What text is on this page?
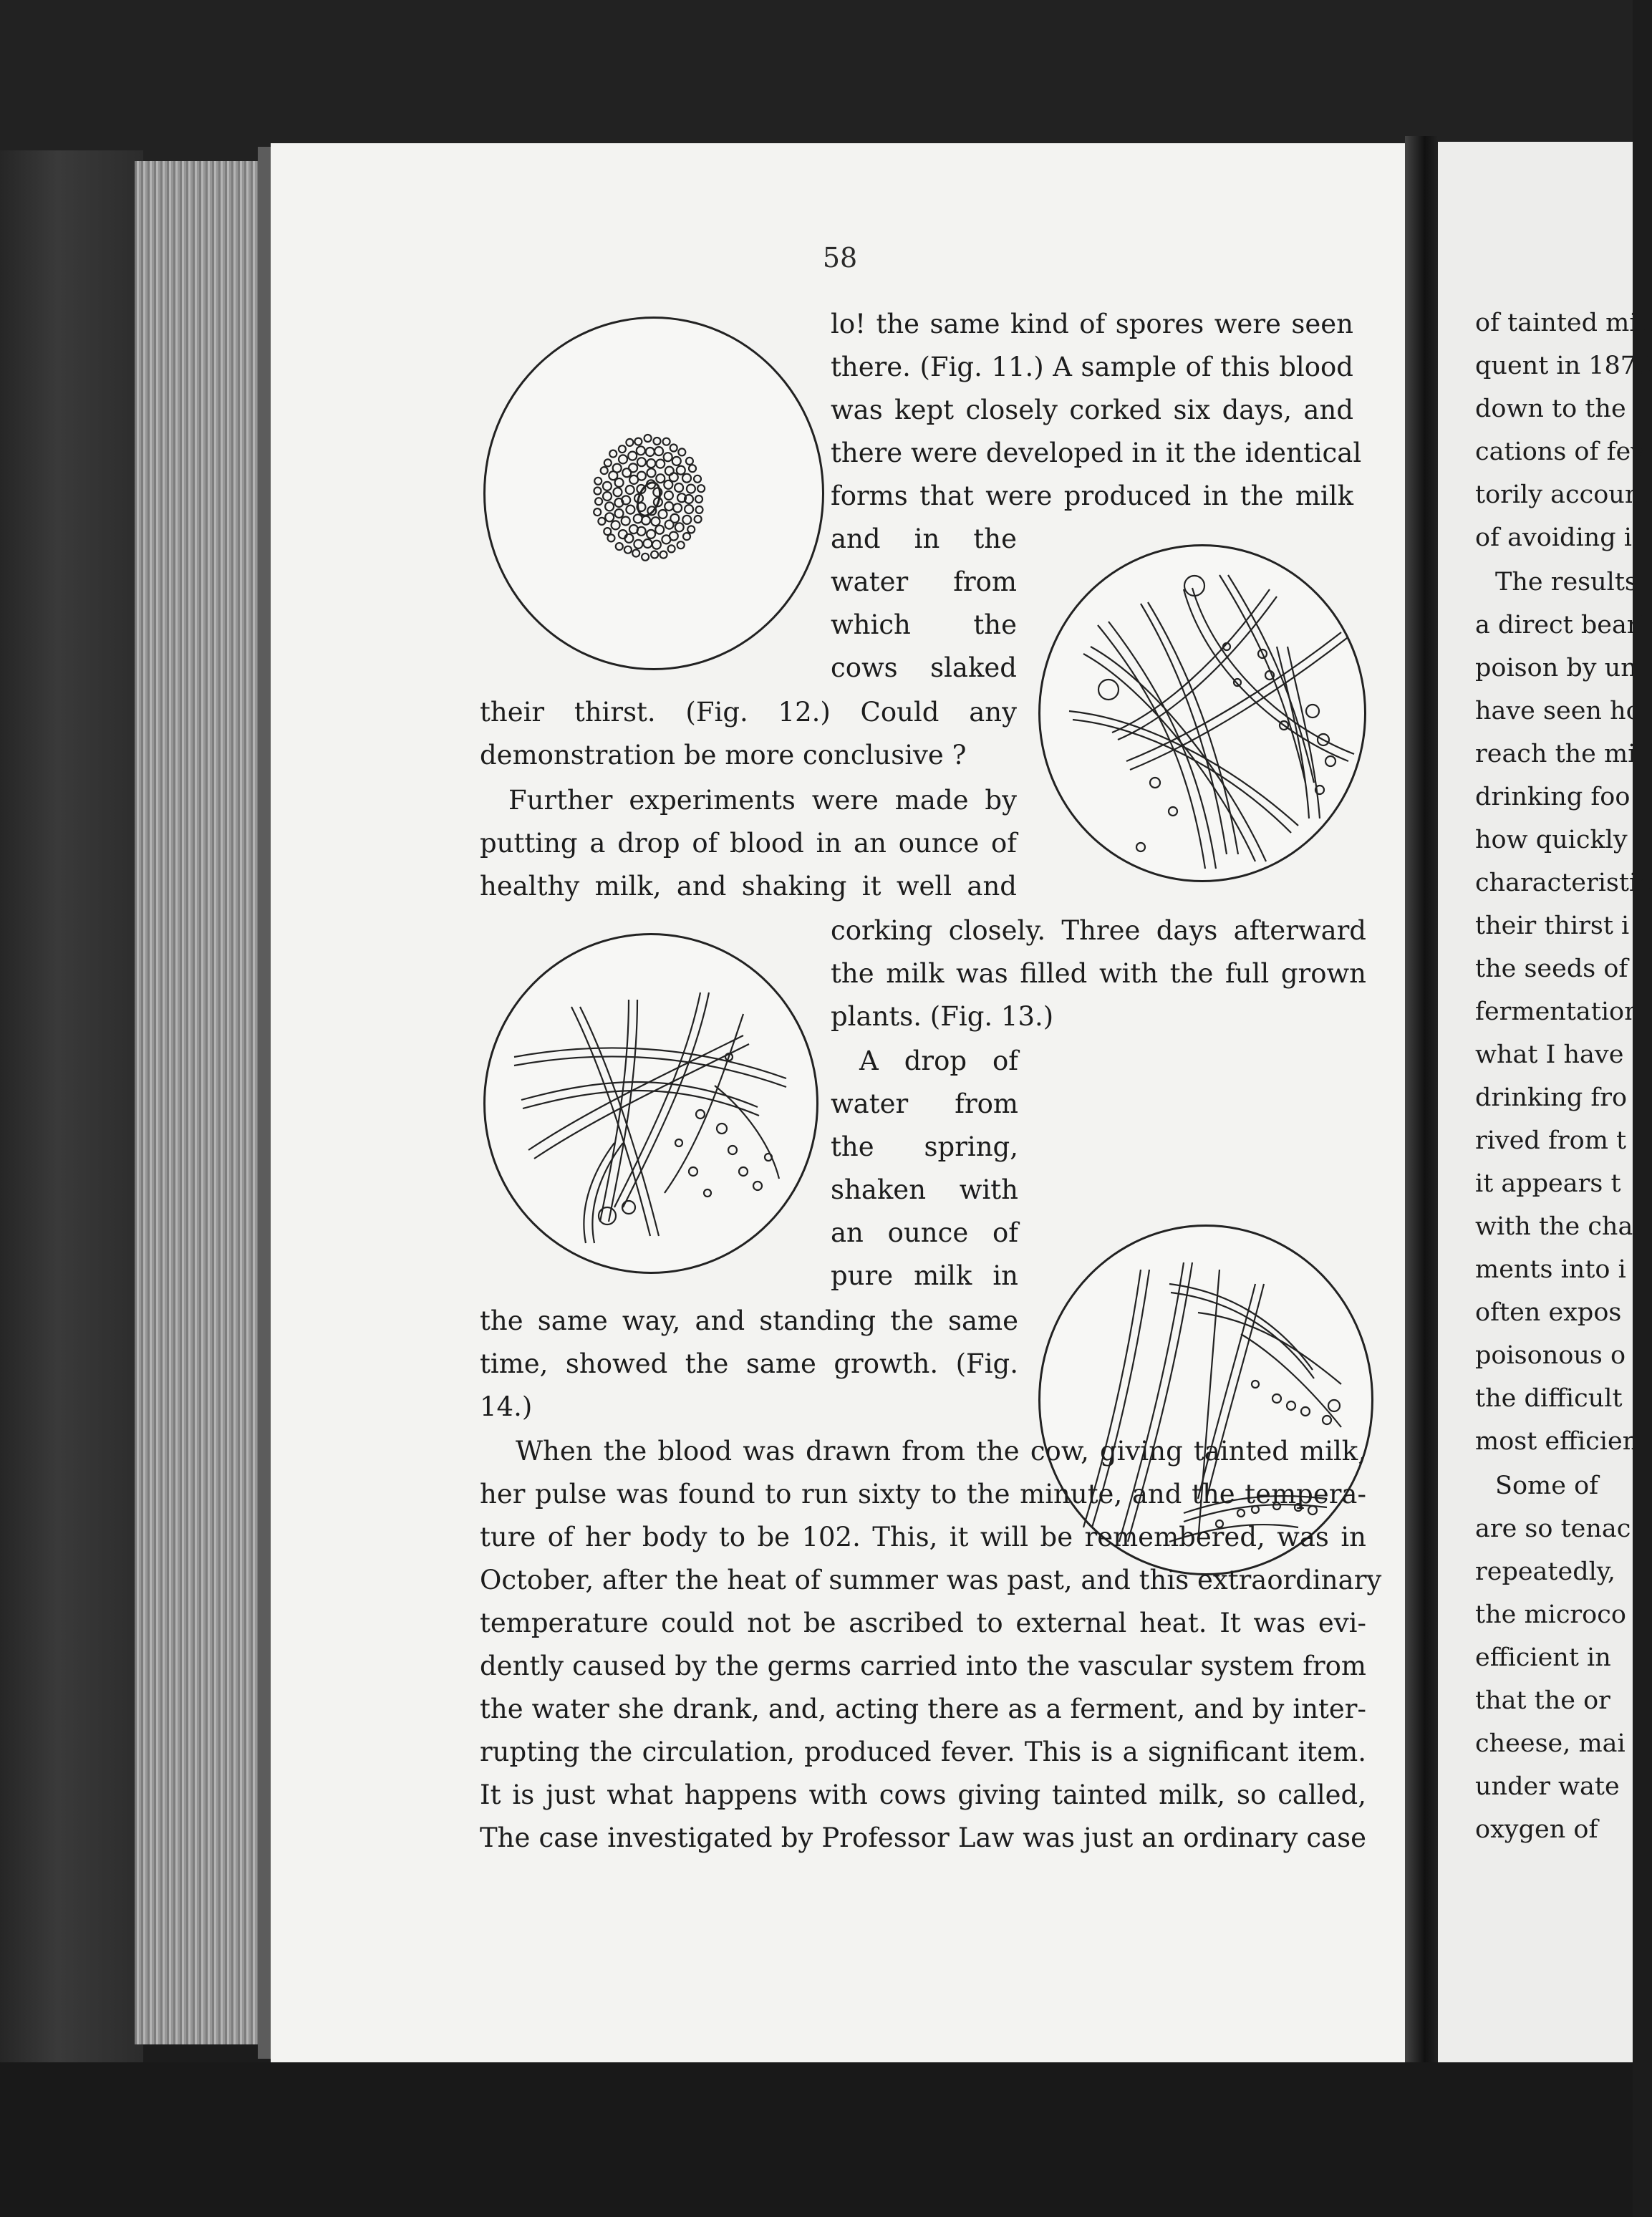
58
lo! the same kind of spores were seen
there. (Fig. 11.) A sample of this blood
was kept closely corked six days, and
there were developed in it the identical
forms that were produced in the milk
and in the
water from
which the
cows slaked
their thirst. (Fig. 12.) Could any
demonstration be more conclusive ?
Further experiments were made by
putting a drop of blood in an ounce of
healthy milk, and shaking it well and
corking closely. Three days afterward
the milk was filled with the full grown
plants. (Fig. 13.)
A drop of
water from
the spring,
shaken with
an ounce of
pure milk in
the same way, and standing the same
time, showed the same growth. (Fig.
14.)
When the blood was drawn from the cow, giving tainted milk,
her pulse was found to run sixty to the minute, and the tempera-
ture of her body to be 102. This, it will be remembered, was in
October, after the heat of summer was past, and this extraordinary
temperature could not be ascribed to external heat. It was evi-
dently caused by the germs carried into the vascular system from
the water she drank, and, acting there as a ferment, and by inter-
rupting the circulation, produced fever. This is a significant item.
It is just what happens with cows giving tainted milk, so called,
The case investigated by Professor Law was just an ordinary case
of tainted mil
quent in 1870
down to the l
cations of fev
torily account
of avoiding i
The results
a direct beari
poison by un
have seen ho
reach the mi
drinking foo
how quickly
characteristic
their thirst i
the seeds of
fermentation
what I have
drinking fro
rived from t
it appears t
with the cha
ments into i
often expos
poisonous o
the difficult
most efficien
Some of
are so tenac
repeatedly,
the microco
efficient in
that the or
cheese, mai
under wate
oxygen of
